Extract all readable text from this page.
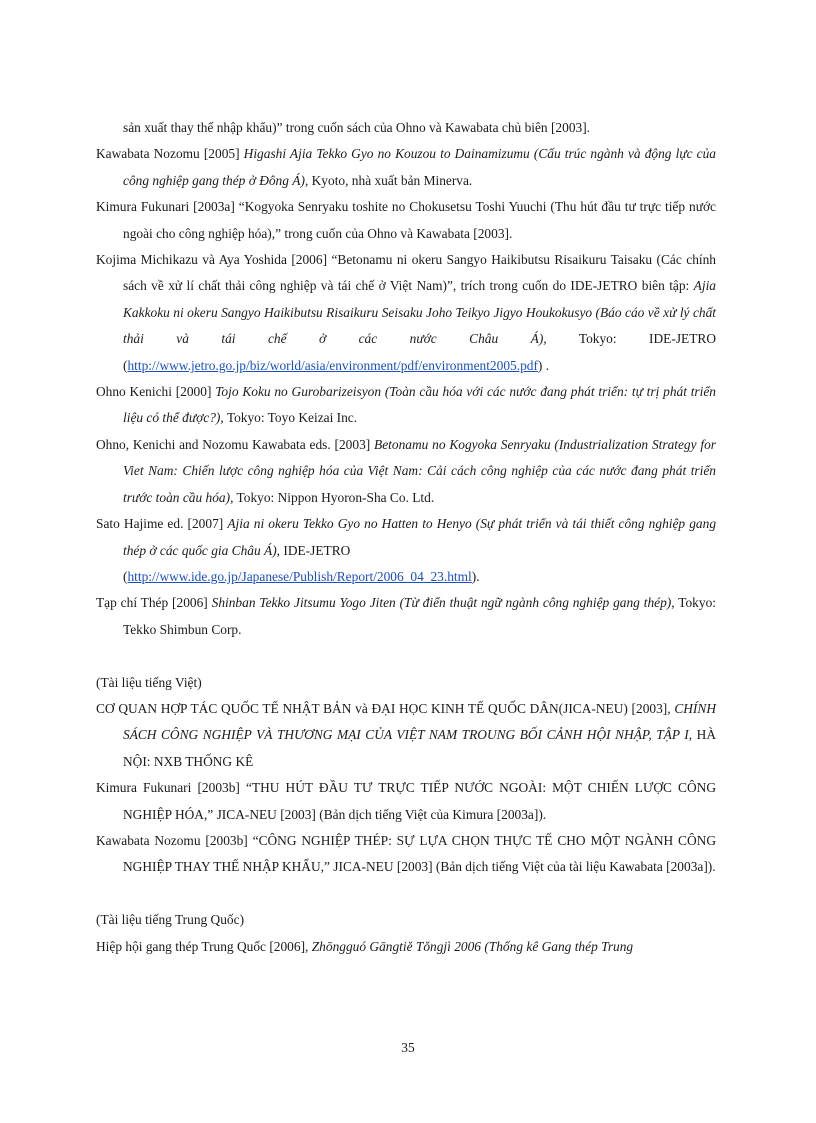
sản xuất thay thế nhập khẩu)” trong cuốn sách của Ohno và Kawabata chủ biên [2003].

Kawabata Nozomu [2005] Higashi Ajia Tekko Gyo no Kouzou to Dainamizumu (Cấu trúc ngành và động lực của công nghiệp gang thép ở Đông Á), Kyoto, nhà xuất bản Minerva.

Kimura Fukunari [2003a] “Kogyoka Senryaku toshite no Chokusetsu Toshi Yuuchi (Thu hút đầu tư trực tiếp nước ngoài cho công nghiệp hóa),” trong cuốn của Ohno và Kawabata [2003].

Kojima Michikazu và Aya Yoshida [2006] “Betonamu ni okeru Sangyo Haikibutsu Risaikuru Taisaku (Các chính sách về xử lí chất thải công nghiệp và tái chế ở Việt Nam)”, trích trong cuốn do IDE-JETRO biên tập: Ajia Kakkoku ni okeru Sangyo Haikibutsu Risaikuru Seisaku Joho Teikyo Jigyo Houkokusyo (Báo cáo về xử lý chất thải và tái chế ở các nước Châu Á), Tokyo: IDE-JETRO (http://www.jetro.go.jp/biz/world/asia/environment/pdf/environment2005.pdf) .

Ohno Kenichi [2000] Tojo Koku no Gurobarizeisyon (Toàn cầu hóa với các nước đang phát triển: tự trị phát triển liệu có thể được?), Tokyo: Toyo Keizai Inc.

Ohno, Kenichi and Nozomu Kawabata eds. [2003] Betonamu no Kogyoka Senryaku (Industrialization Strategy for Viet Nam: Chiến lược công nghiệp hóa của Việt Nam: Cải cách công nghiệp của các nước đang phát triển trước toàn cầu hóa), Tokyo: Nippon Hyoron-Sha Co. Ltd.

Sato Hajime ed. [2007] Ajia ni okeru Tekko Gyo no Hatten to Henyo (Sự phát triển và tái thiết công nghiệp gang thép ở các quốc gia Châu Á), IDE-JETRO

(http://www.ide.go.jp/Japanese/Publish/Report/2006_04_23.html).

Tạp chí Thép [2006] Shinban Tekko Jitsumu Yogo Jiten (Từ điển thuật ngữ ngành công nghiệp gang thép), Tokyo: Tekko Shimbun Corp.

(Tài liệu tiếng Việt)

CƠ QUAN HỢP TÁC QUỐC TẾ NHẬT BẢN và ĐẠI HỌC KINH TẾ QUỐC DÂN(JICA-NEU) [2003], CHÍNH SÁCH CÔNG NGHIỆP VÀ THƯƠNG MẠI CỦA VIỆT NAM TROUNG BỐI CẢNH HỘI NHẬP, TẬP I, HÀ NỘI: NXB THỐNG KÊ

Kimura Fukunari [2003b] “THU HÚT ĐẦU TƯ TRỰC TIẾP NƯỚC NGOÀI: MỘT CHIẾN LƯỢC CÔNG NGHIỆP HÓA,” JICA-NEU [2003] (Bản dịch tiếng Việt của Kimura [2003a]).

Kawabata Nozomu [2003b] “CÔNG NGHIỆP THÉP: SỰ LỰA CHỌN THỰC TẾ CHO MỘT NGÀNH CÔNG NGHIỆP THAY THẾ NHẬP KHẨU,” JICA-NEU [2003] (Bản dịch tiếng Việt của tài liệu Kawabata [2003a]).

(Tài liệu tiếng Trung Quốc)

Hiệp hội gang thép Trung Quốc [2006], Zhōngguó Gāngtiě Tǒngjì 2006 (Thống kê Gang thép Trung

35
